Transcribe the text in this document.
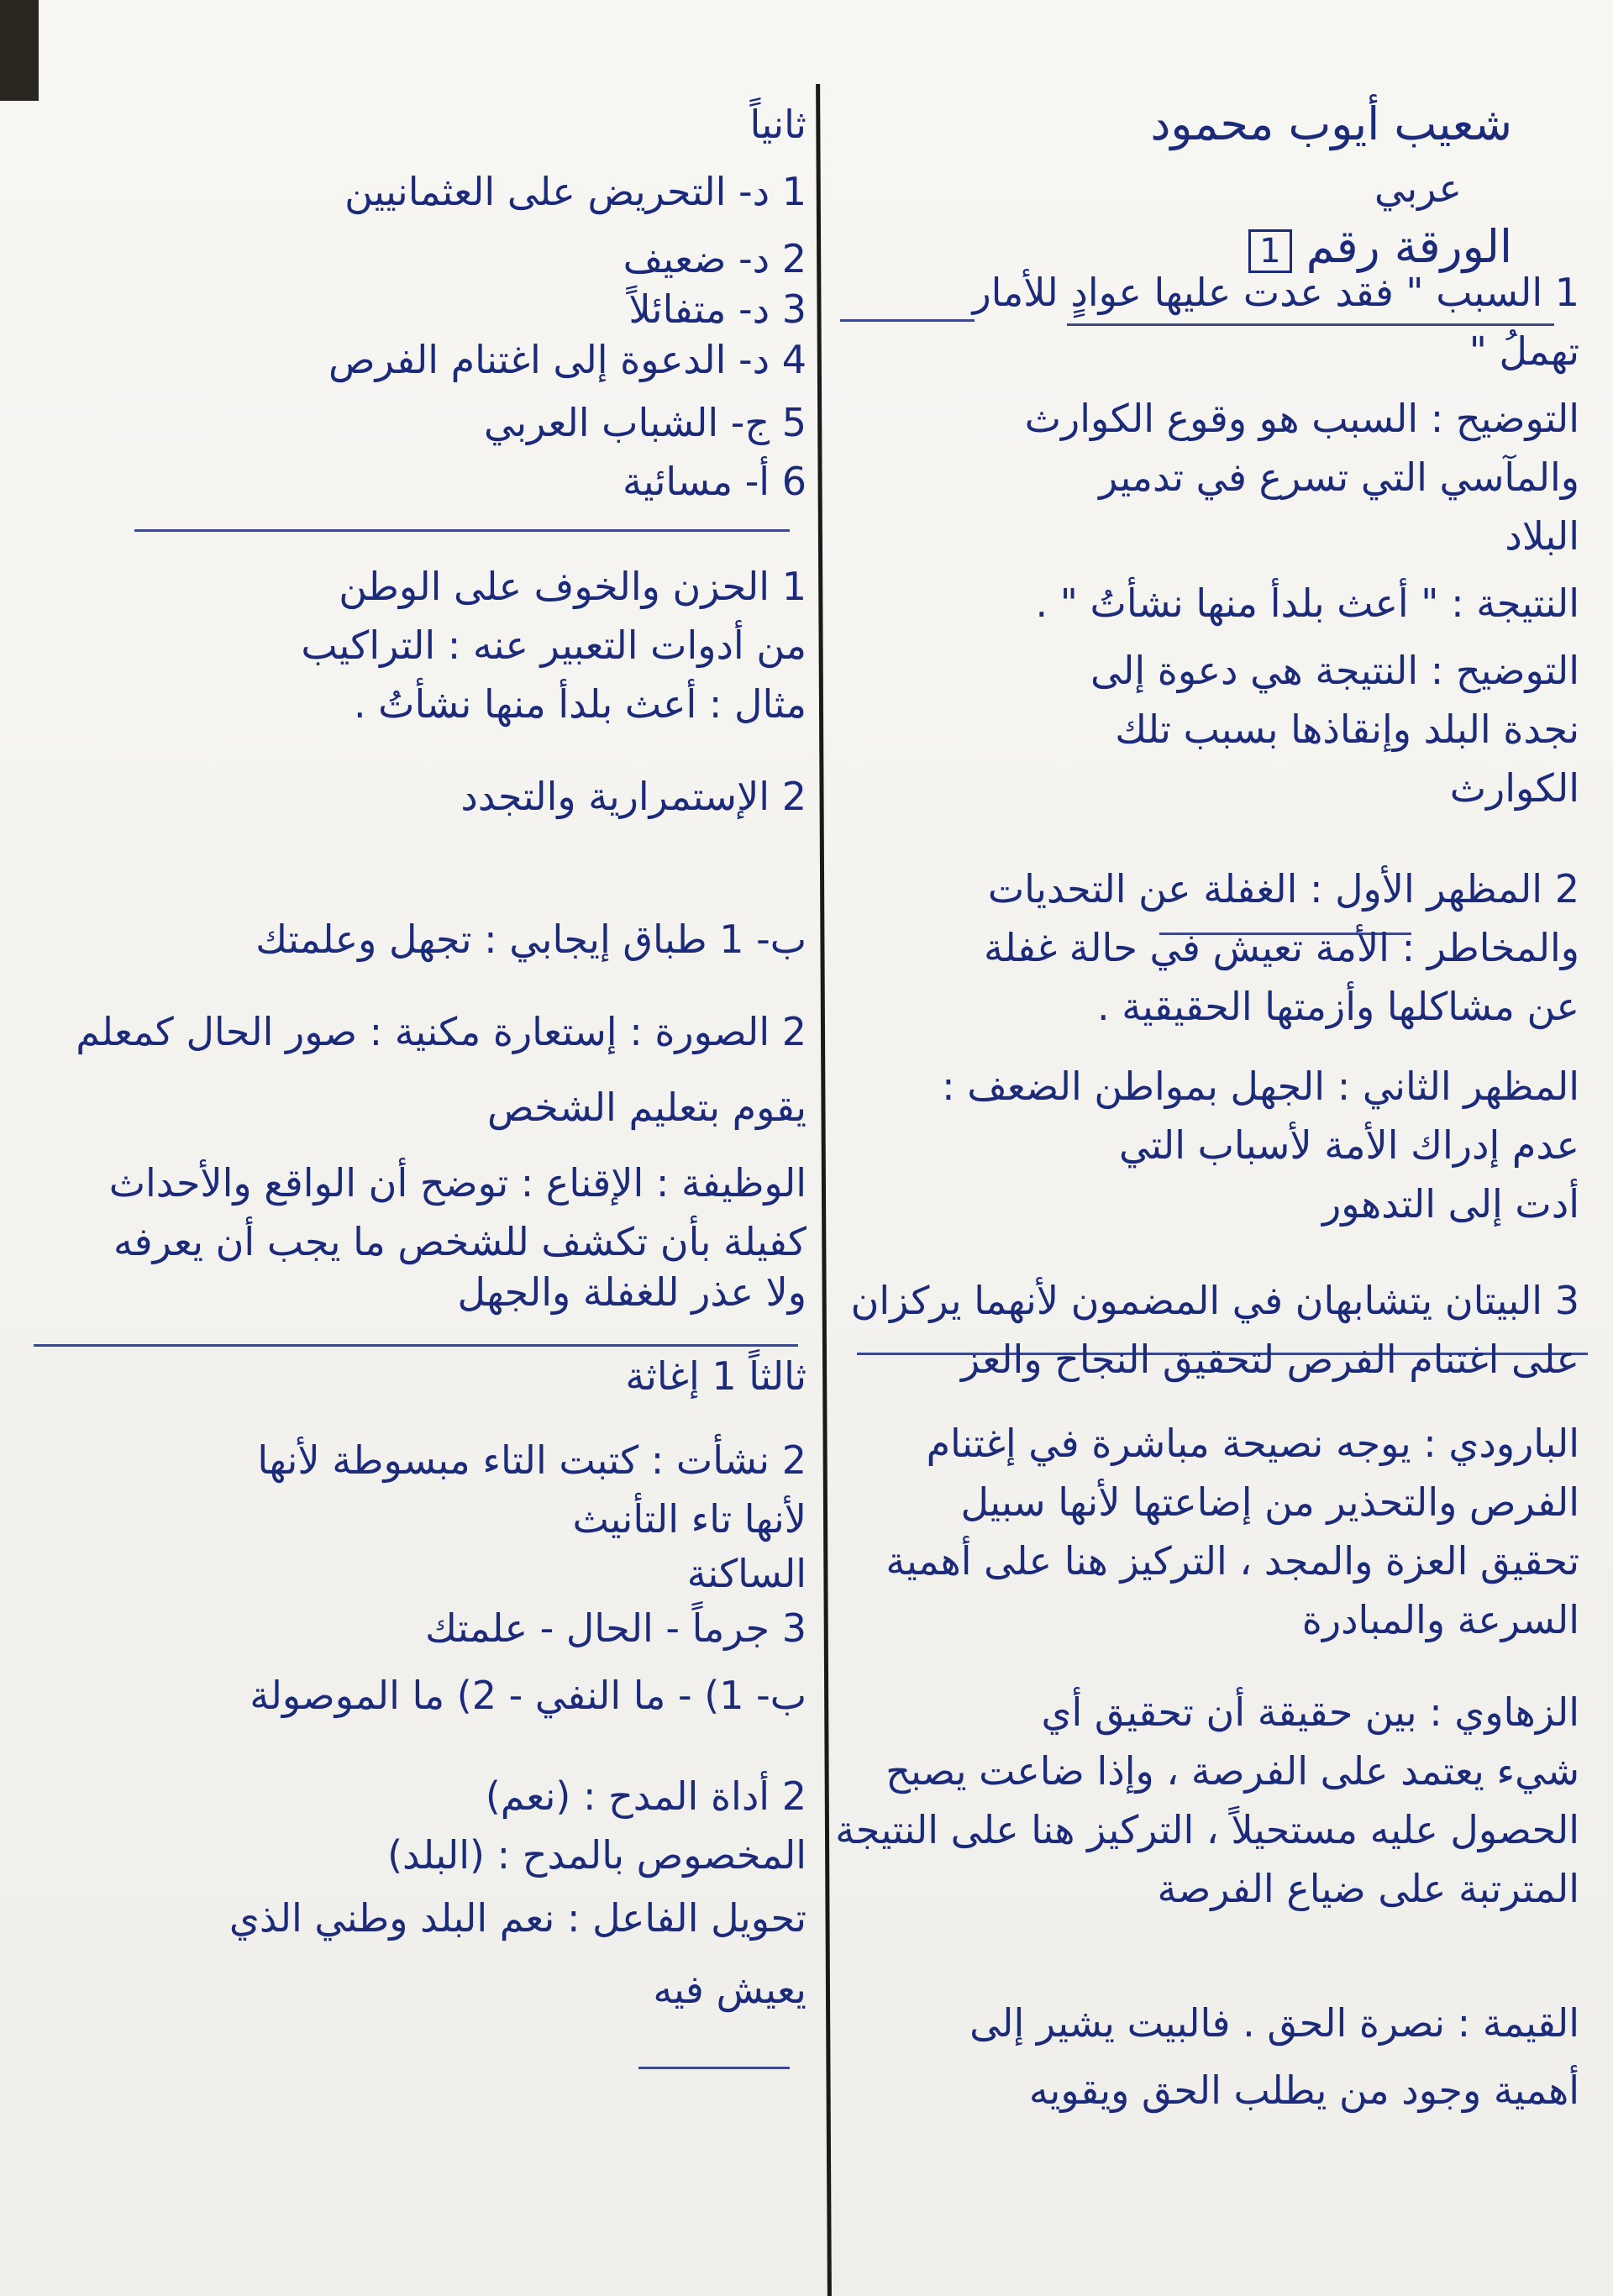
شعيب أيوب محمود
عربي
الورقة رقم 1
1 السبب " فقد عدت عليها عوادٍ للأمار
تهملُ "
التوضيح : السبب هو وقوع الكوارث
والمآسي التي تسرع في تدمير
البلاد
النتيجة : " أعث بلدأ منها نشأتُ " .
التوضيح : النتيجة هي دعوة إلى
نجدة البلد وإنقاذها بسبب تلك
الكوارث
2 المظهر الأول : الغفلة عن التحديات
والمخاطر : الأمة تعيش في حالة غفلة
عن مشاكلها وأزمتها الحقيقية .
المظهر الثاني : الجهل بمواطن الضعف :
عدم إدراك الأمة لأسباب التي
أدت إلى التدهور
3 البيتان يتشابهان في المضمون لأنهما يركزان
على اغتنام الفرص لتحقيق النجاح والعز
البارودي : يوجه نصيحة مباشرة في إغتنام
الفرص والتحذير من إضاعتها لأنها سبيل
تحقيق العزة والمجد ، التركيز هنا على أهمية
السرعة والمبادرة
الزهاوي : بين حقيقة أن تحقيق أي
شيء يعتمد على الفرصة ، وإذا ضاعت يصبح
الحصول عليه مستحيلاً ، التركيز هنا على النتيجة
المترتبة على ضياع الفرصة
القيمة : نصرة الحق . فالبيت يشير إلى
أهمية وجود من يطلب الحق ويقويه
ثانياً
1 د- التحريض على العثمانيين
2 د- ضعيف
3 د- متفائلاً
4 د- الدعوة إلى اغتنام الفرص
5 ج- الشباب العربي
6 أ- مسائية
1 الحزن والخوف على الوطن
من أدوات التعبير عنه : التراكيب
مثال : أعث بلدأ منها نشأتُ .
2 الإستمرارية والتجدد
ب- 1 طباق إيجابي : تجهل وعلمتك
2 الصورة : إستعارة مكنية : صور الحال كمعلم
يقوم بتعليم الشخص
الوظيفة : الإقناع : توضح أن الواقع والأحداث
كفيلة بأن تكشف للشخص ما يجب أن يعرفه
ولا عذر للغفلة والجهل
ثالثاً 1 إغاثة
2 نشأت : كتبت التاء مبسوطة لأنها
لأنها تاء التأنيث
الساكنة
3 جرماً - الحال - علمتك
ب- 1) - ما النفي - 2) ما الموصولة
2 أداة المدح : (نعم)
المخصوص بالمدح : (البلد)
تحويل الفاعل : نعم البلد وطني الذي
يعيش فيه
